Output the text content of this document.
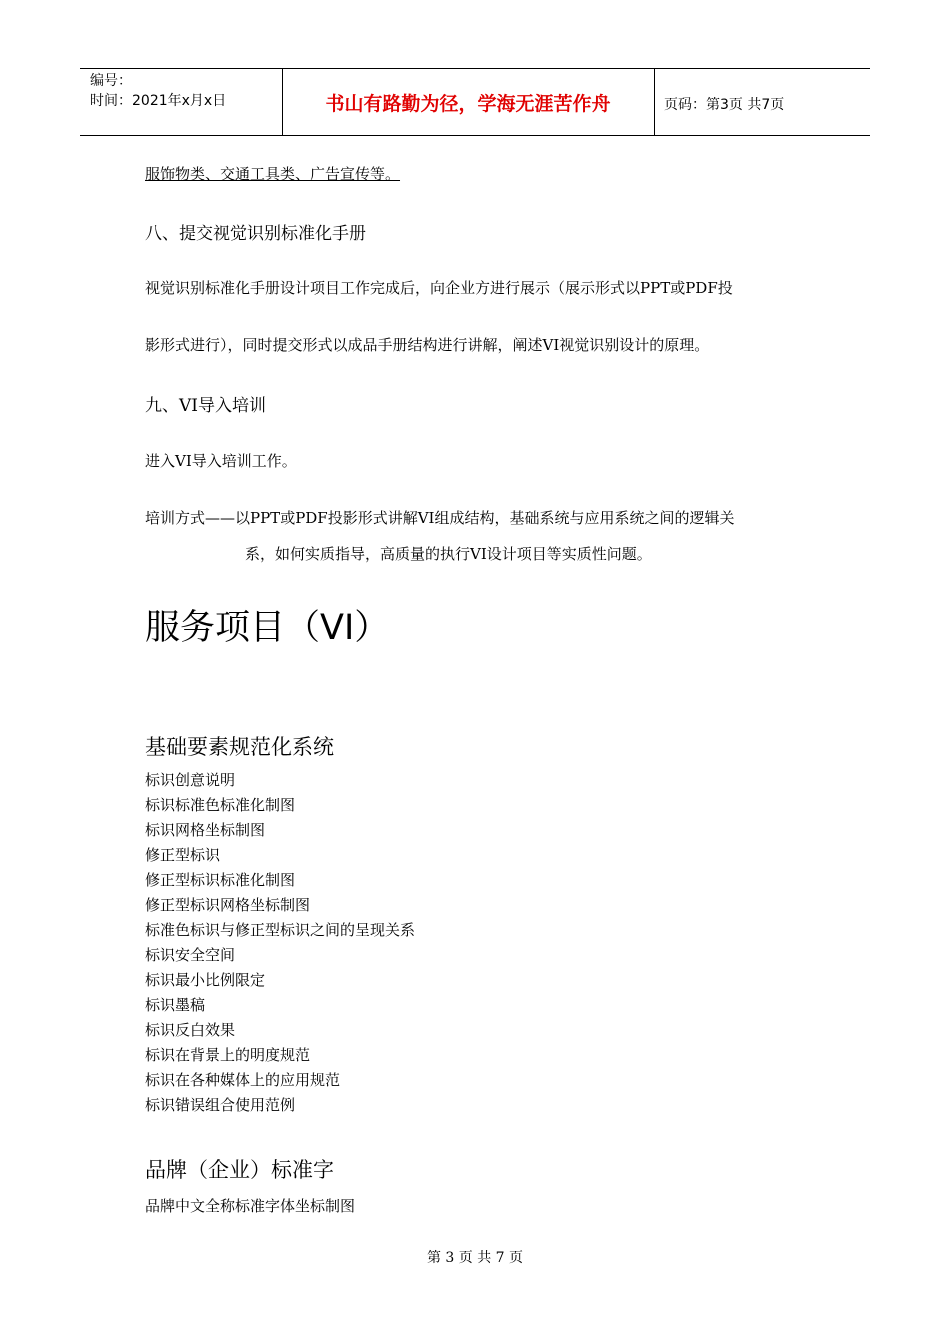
编号：
时间：2021年x月x日	书山有路勤为径，学海无涯苦作舟	页码：第3页 共7页
服饰物类、交通工具类、广告宣传等。
八、提交视觉识别标准化手册
视觉识别标准化手册设计项目工作完成后，向企业方进行展示（展示形式以PPT或PDF投
影形式进行），同时提交形式以成品手册结构进行讲解，阐述VI视觉识别设计的原理。
九、VI导入培训
进入VI导入培训工作。
培训方式——以PPT或PDF投影形式讲解VI组成结构，基础系统与应用系统之间的逻辑关
系，如何实质指导，高质量的执行VI设计项目等实质性问题。
服务项目（VI）
基础要素规范化系统
标识创意说明
标识标准色标准化制图
标识网格坐标制图
修正型标识
修正型标识标准化制图
修正型标识网格坐标制图
标准色标识与修正型标识之间的呈现关系
标识安全空间
标识最小比例限定
标识墨稿
标识反白效果
标识在背景上的明度规范
标识在各种媒体上的应用规范
标识错误组合使用范例
品牌（企业）标准字
品牌中文全称标准字体坐标制图
第 3 页 共 7 页
